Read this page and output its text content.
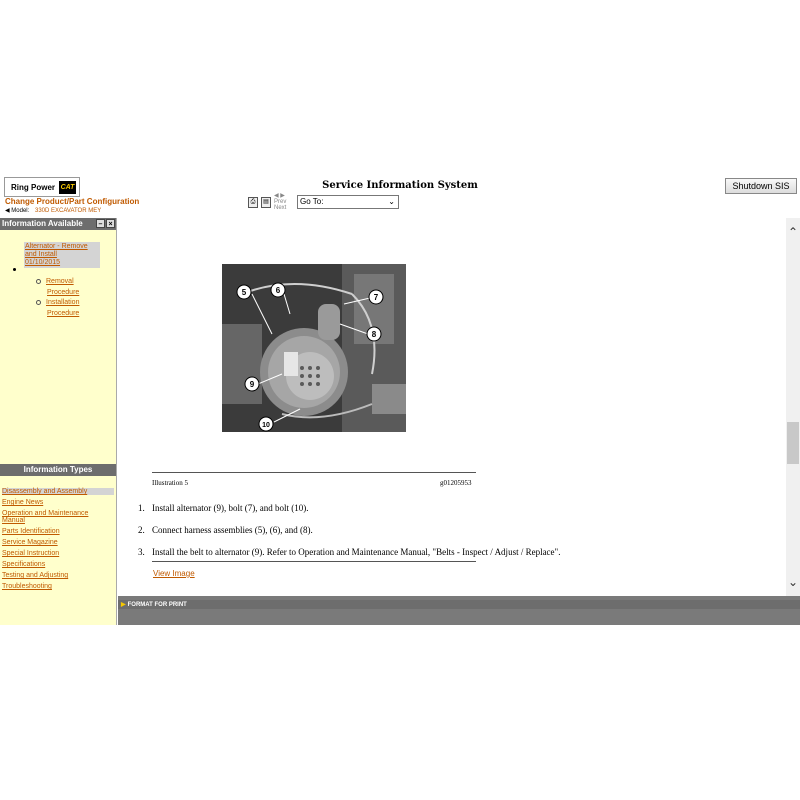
Ring Power CAT	Service Information System	Shutdown SIS
Change Product/Part Configuration
◀ Model: 330D EXCAVATOR MEY
⎙	▤
◀ ▶
Prev Next
Go To:	⌄
Information Available	– ×
Alternator - Remove
and Install
01/10/2015
Removal
Procedure
Installation
Procedure
Information Types
Disassembly and Assembly
Engine News
Operation and Maintenance
Manual
Parts Identification
Service Magazine
Special Instruction
Specifications
Testing and Adjusting
Troubleshooting
5	6
7
8
9
10
Illustration 5	g01205953
1. Install alternator (9), bolt (7), and bolt (10).
2. Connect harness assemblies (5), (6), and (8).
3. Install the belt to alternator (9). Refer to Operation and Maintenance Manual, "Belts - Inspect / Adjust / Replace".
View Image
⌃
⌄
▶ FORMAT FOR PRINT
